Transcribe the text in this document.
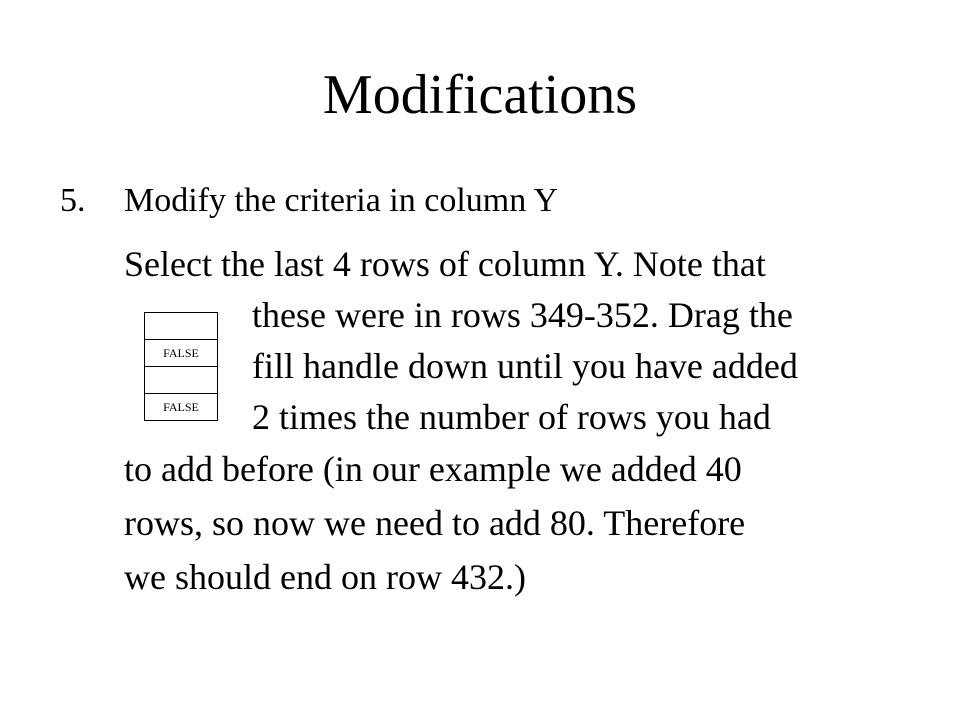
Modifications
5. Modify the criteria in column Y
Select the last 4 rows of column Y. Note that
these were in rows 349-352. Drag the
fill handle down until you have added
2 times the number of rows you had
to add before (in our example we added 40
rows, so now we need to add 80. Therefore
we should end on row 432.)
FALSE
FALSE
